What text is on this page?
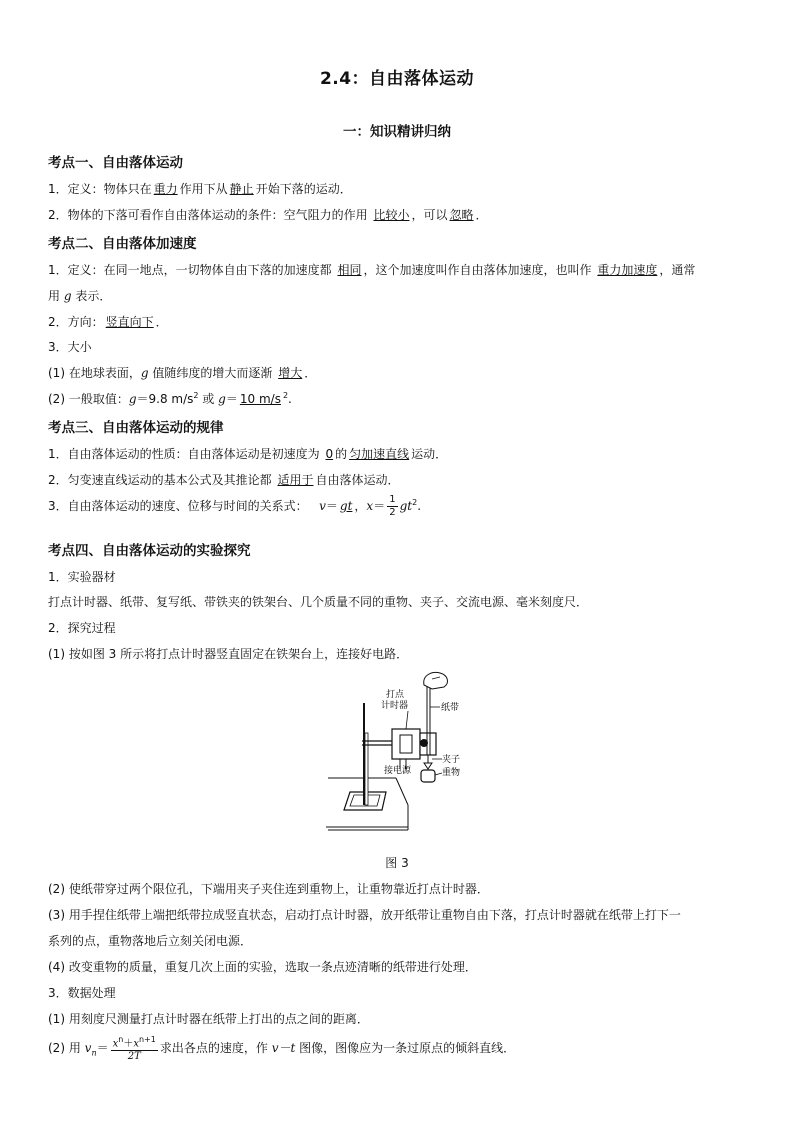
2.4：自由落体运动
一：知识精讲归纳
考点一、自由落体运动
1．定义：物体只在 重力 作用下从 静止 开始下落的运动．
2．物体的下落可看作自由落体运动的条件：空气阻力的作用 比较小 ，可以 忽略 ．
考点二、自由落体加速度
1．定义：在同一地点，一切物体自由下落的加速度都 相同 ，这个加速度叫作自由落体加速度，也叫作 重力加速度 ，通常
用 g 表示．
2．方向： 竖直向下 ．
3．大小
(1) 在地球表面，g 值随纬度的增大而逐渐 增大 ．
(2) 一般取值：g＝9.8 $m/s^2$ 或 g＝ 10 m/s $^2$.
考点三、自由落体运动的规律
1．自由落体运动的性质：自由落体运动是初速度为 0 的 匀加速直线 运动．
2．匀变速直线运动的基本公式及其推论都 适用于 自由落体运动．
3．自由落体运动的速度、位移与时间的关系式： v＝ gt ，$x= \frac{1}{2} gt^2$.
考点四、自由落体运动的实验探究
1．实验器材
打点计时器、纸带、复写纸、带铁夹的铁架台、几个质量不同的重物、夹子、交流电源、毫米刻度尺．
2．探究过程
(1) 按如图 3 所示将打点计时器竖直固定在铁架台上，连接好电路．
打点
计时器	纸带
夹子
重物
接电源
图 3
(2) 使纸带穿过两个限位孔，下端用夹子夹住连到重物上，让重物靠近打点计时器．
(3) 用手捏住纸带上端把纸带拉成竖直状态，启动打点计时器，放开纸带让重物自由下落，打点计时器就在纸带上打下一
系列的点，重物落地后立刻关闭电源．
(4) 改变重物的质量，重复几次上面的实验，选取一条点迹清晰的纸带进行处理．
3．数据处理
(1) 用刻度尺测量打点计时器在纸带上打出的点之间的距离．
(2) 用 $v_n= \frac{x^n+x^{n+1}}{2T}$ 求出各点的速度，作 v－t 图像，图像应为一条过原点的倾斜直线．
